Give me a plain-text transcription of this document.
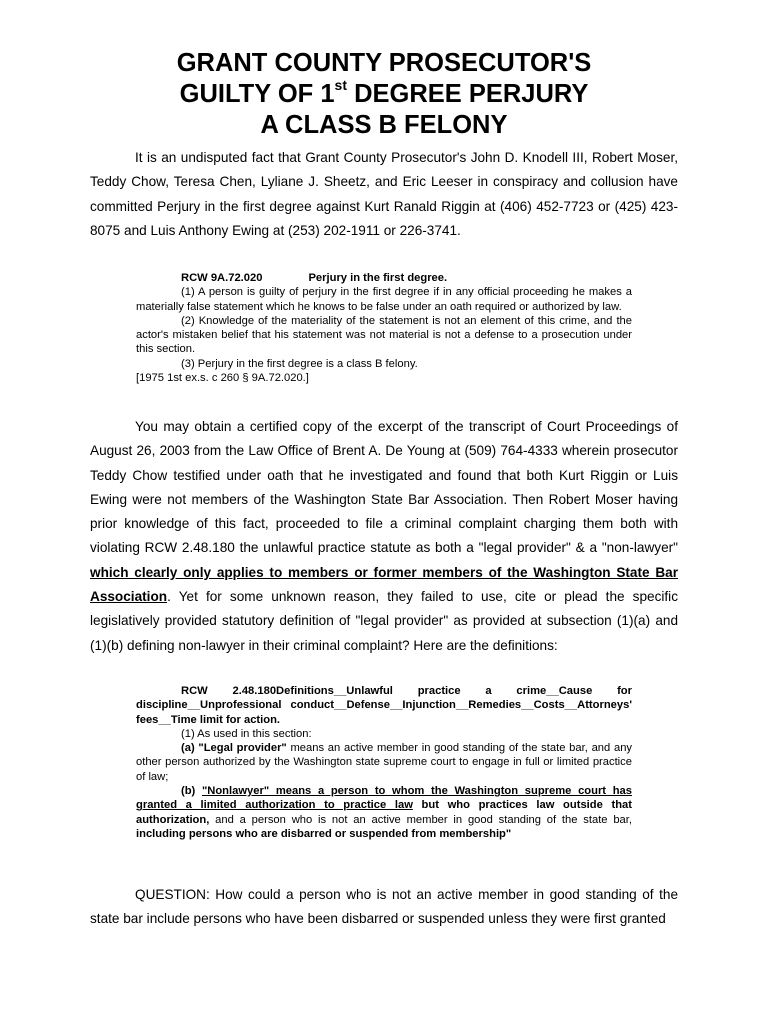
GRANT COUNTY PROSECUTOR'S
GUILTY OF 1st DEGREE PERJURY
A CLASS B FELONY

It is an undisputed fact that Grant County Prosecutor's John D. Knodell III, Robert Moser, Teddy Chow, Teresa Chen, Lyliane J. Sheetz, and Eric Leeser in conspiracy and collusion have committed Perjury in the first degree against Kurt Ranald Riggin at (406) 452-7723 or (425) 423-8075 and Luis Anthony Ewing at (253) 202-1911 or 226-3741.

RCW 9A.72.020	Perjury in the first degree.
(1) A person is guilty of perjury in the first degree if in any official proceeding he makes a materially false statement which he knows to be false under an oath required or authorized by law.
(2) Knowledge of the materiality of the statement is not an element of this crime, and the actor's mistaken belief that his statement was not material is not a defense to a prosecution under this section.
(3) Perjury in the first degree is a class B felony.
[1975 1st ex.s. c 260 § 9A.72.020.]

You may obtain a certified copy of the excerpt of the transcript of Court Proceedings of August 26, 2003 from the Law Office of Brent A. De Young at (509) 764-4333 wherein prosecutor Teddy Chow testified under oath that he investigated and found that both Kurt Riggin or Luis Ewing were not members of the Washington State Bar Association. Then Robert Moser having prior knowledge of this fact, proceeded to file a criminal complaint charging them both with violating RCW 2.48.180 the unlawful practice statute as both a "legal provider" & a "non-lawyer" which clearly only applies to members or former members of the Washington State Bar Association. Yet for some unknown reason, they failed to use, cite or plead the specific legislatively provided statutory definition of "legal provider" as provided at subsection (1)(a) and (1)(b) defining non-lawyer in their criminal complaint? Here are the definitions:

RCW 2.48.180Definitions__Unlawful practice a crime__Cause for discipline__Unprofessional conduct__Defense__Injunction__Remedies__Costs__Attorneys' fees__Time limit for action.
(1) As used in this section:
(a) "Legal provider" means an active member in good standing of the state bar, and any other person authorized by the Washington state supreme court to engage in full or limited practice of law;
(b) "Nonlawyer" means a person to whom the Washington supreme court has granted a limited authorization to practice law but who practices law outside that authorization, and a person who is not an active member in good standing of the state bar, including persons who are disbarred or suspended from membership"

QUESTION: How could a person who is not an active member in good standing of the state bar include persons who have been disbarred or suspended unless they were first granted
